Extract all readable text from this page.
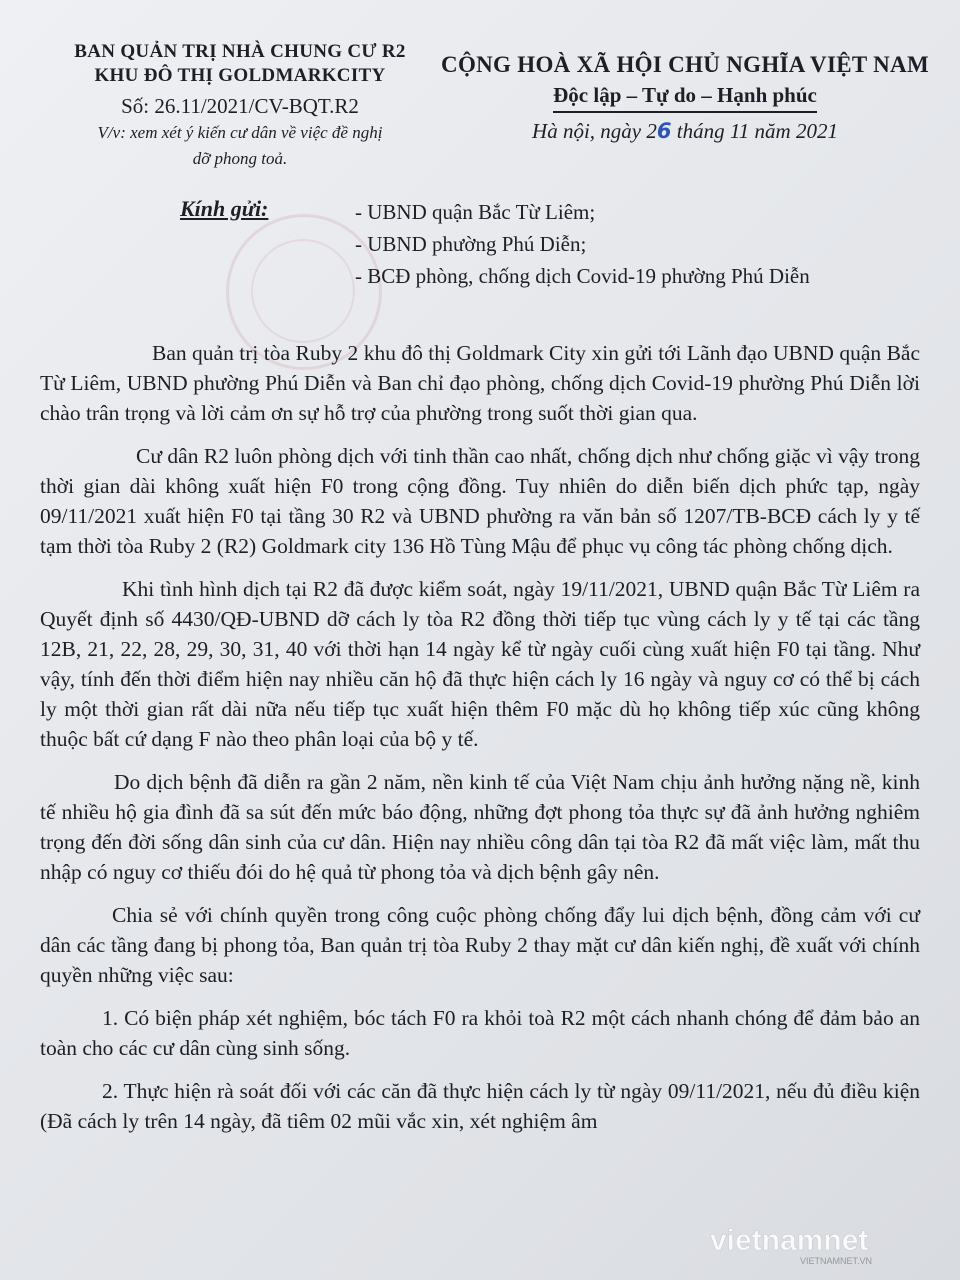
BAN QUẢN TRỊ NHÀ CHUNG CƯ R2
KHU ĐÔ THỊ GOLDMARKCITY
Số: 26.11/2021/CV-BQT.R2
V/v: xem xét ý kiến cư dân về việc đề nghị
dỡ phong toả.
CỘNG HOÀ XÃ HỘI CHỦ NGHĨA VIỆT NAM
Độc lập – Tự do – Hạnh phúc
Hà nội, ngày 26 tháng 11 năm 2021
Kính gửi:	- UBND quận Bắc Từ Liêm;
- UBND phường Phú Diễn;
- BCĐ phòng, chống dịch Covid-19 phường Phú Diễn

Ban quản trị tòa Ruby 2 khu đô thị Goldmark City xin gửi tới Lãnh đạo UBND quận Bắc Từ Liêm, UBND phường Phú Diễn và Ban chỉ đạo phòng, chống dịch Covid-19 phường Phú Diễn lời chào trân trọng và lời cảm ơn sự hỗ trợ của phường trong suốt thời gian qua.

Cư dân R2 luôn phòng dịch với tinh thần cao nhất, chống dịch như chống giặc vì vậy trong thời gian dài không xuất hiện F0 trong cộng đồng. Tuy nhiên do diễn biến dịch phức tạp, ngày 09/11/2021 xuất hiện F0 tại tầng 30 R2 và UBND phường ra văn bản số 1207/TB-BCĐ cách ly y tế tạm thời tòa Ruby 2 (R2) Goldmark city 136 Hồ Tùng Mậu để phục vụ công tác phòng chống dịch.

Khi tình hình dịch tại R2 đã được kiểm soát, ngày 19/11/2021, UBND quận Bắc Từ Liêm ra Quyết định số 4430/QĐ-UBND dỡ cách ly tòa R2 đồng thời tiếp tục vùng cách ly y tế tại các tầng 12B, 21, 22, 28, 29, 30, 31, 40 với thời hạn 14 ngày kể từ ngày cuối cùng xuất hiện F0 tại tầng. Như vậy, tính đến thời điểm hiện nay nhiều căn hộ đã thực hiện cách ly 16 ngày và nguy cơ có thể bị cách ly một thời gian rất dài nữa nếu tiếp tục xuất hiện thêm F0 mặc dù họ không tiếp xúc cũng không thuộc bất cứ dạng F nào theo phân loại của bộ y tế.

Do dịch bệnh đã diễn ra gần 2 năm, nền kinh tế của Việt Nam chịu ảnh hưởng nặng nề, kinh tế nhiều hộ gia đình đã sa sút đến mức báo động, những đợt phong tỏa thực sự đã ảnh hưởng nghiêm trọng đến đời sống dân sinh của cư dân. Hiện nay nhiều công dân tại tòa R2 đã mất việc làm, mất thu nhập có nguy cơ thiếu đói do hệ quả từ phong tỏa và dịch bệnh gây nên.

Chia sẻ với chính quyền trong công cuộc phòng chống đẩy lui dịch bệnh, đồng cảm với cư dân các tầng đang bị phong tỏa, Ban quản trị tòa Ruby 2 thay mặt cư dân kiến nghị, đề xuất với chính quyền những việc sau:

1. Có biện pháp xét nghiệm, bóc tách F0 ra khỏi toà R2 một cách nhanh chóng để đảm bảo an toàn cho các cư dân cùng sinh sống.

2. Thực hiện rà soát đối với các căn đã thực hiện cách ly từ ngày 09/11/2021, nếu đủ điều kiện (Đã cách ly trên 14 ngày, đã tiêm 02 mũi vắc xin, xét nghiệm âm

vietnamnet
VIETNAMNET.VN
